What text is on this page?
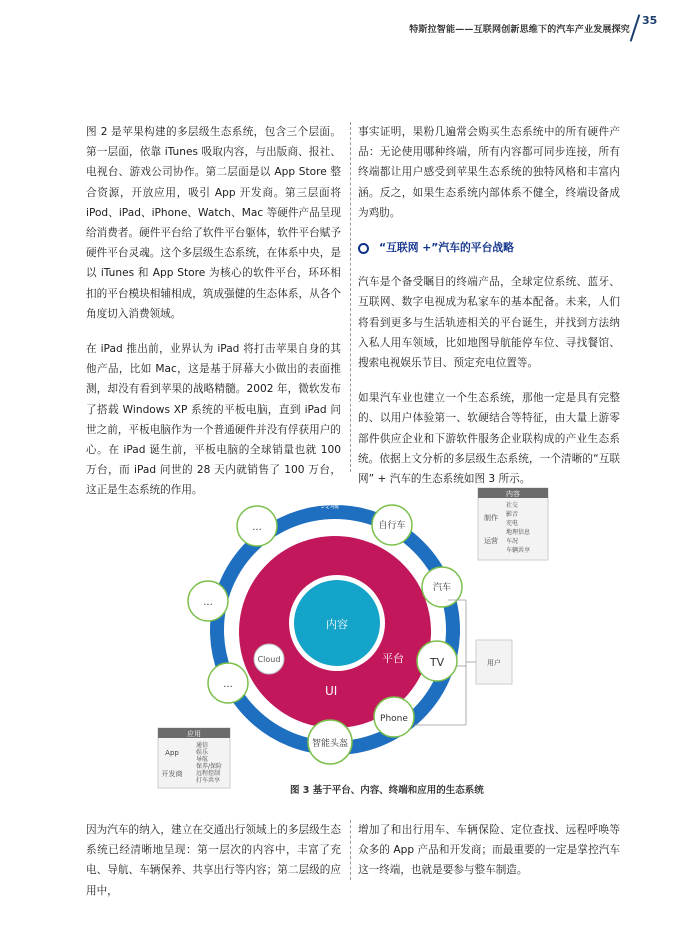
特斯拉智能——互联网创新思维下的汽车产业发展探究
35

图 2 是苹果构建的多层级生态系统，包含三个层面。第一层面，依靠 iTunes 吸取内容，与出版商、报社、电视台、游戏公司协作。第二层面是以 App Store 整合资源，开放应用，吸引 App 开发商。第三层面将 iPod、iPad、iPhone、Watch、Mac 等硬件产品呈现给消费者。硬件平台给了软件平台躯体，软件平台赋予硬件平台灵魂。这个多层级生态系统，在体系中央，是以 iTunes 和 App Store 为核心的软件平台，环环相扣的平台模块相辅相成，筑成强健的生态体系，从各个角度切入消费领域。

在 iPad 推出前，业界认为 iPad 将打击苹果自身的其他产品，比如 Mac，这是基于屏幕大小做出的表面推测，却没有看到苹果的战略精髓。2002 年，微软发布了搭载 Windows XP 系统的平板电脑，直到 iPad 问世之前，平板电脑作为一个普通硬件并没有俘获用户的心。在 iPad 诞生前，平板电脑的全球销量也就 100 万台，而 iPad 问世的 28 天内就销售了 100 万台，这正是生态系统的作用。

事实证明，果粉几遍常会购买生态系统中的所有硬件产品：无论使用哪种终端，所有内容都可同步连接，所有终端都让用户感受到苹果生态系统的独特风格和丰富内涵。反之，如果生态系统内部体系不健全，终端设备成为鸡肋。

“互联网 +”汽车的平台战略

汽车是个备受瞩目的终端产品，全球定位系统、蓝牙、互联网、数字电视成为私家车的基本配备。未来，人们将看到更多与生活轨迹相关的平台诞生，并找到方法纳入私人用车领域，比如地图导航能停车位、寻找餐馆、搜索电视娱乐节目、预定充电位置等。

如果汽车业也建立一个生态系统，那他一定是具有完整的、以用户体验第一、软硬结合等特征，由大量上游零部件供应企业和下游软件服务企业联构成的产业生态系统。依据上文分析的多层级生态系统，一个清晰的“互联网” + 汽车的生态系统如图 3 所示。

终端
平台
UI
内容
Cloud
自行车
汽车
TV
Phone
智能头盔
...
...
...
内容
制作
运营
社交
影音
充电
地理信息
车况
车辆共享
用户
应用
App
开发商
通信
娱乐
导航
保养/保险
远程控制
打车共享
图 3 基于平台、内容、终端和应用的生态系统
因为汽车的纳入，建立在交通出行领域上的多层级生态系统已经清晰地呈现：第一层次的内容中，丰富了充电、导航、车辆保养、共享出行等内容；第二层级的应用中，
增加了和出行用车、车辆保险、定位查找、远程呼唤等众多的 App 产品和开发商；而最重要的一定是掌控汽车这一终端，也就是要参与整车制造。
